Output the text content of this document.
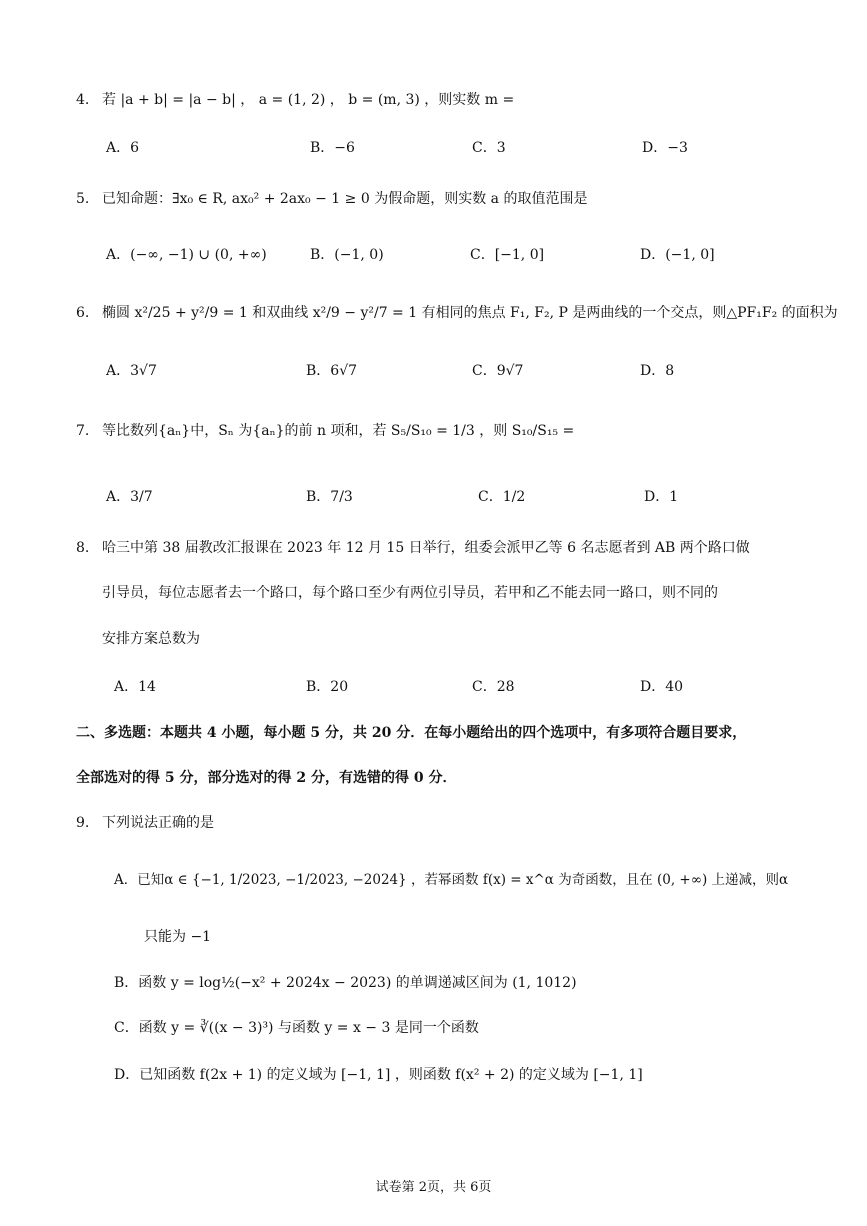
4. 若 |a + b| = |a − b| ， a = (1, 2) ， b = (m, 3) ，则实数 m =
A．6	B．−6	C．3	D．−3
5. 已知命题：∃x₀ ∈ R, ax₀² + 2ax₀ − 1 ≥ 0 为假命题，则实数 a 的取值范围是
A．(−∞, −1) ∪ (0, +∞)	B．(−1, 0)	C．[−1, 0]	D．(−1, 0]
6. 椭圆 x²/25 + y²/9 = 1 和双曲线 x²/9 − y²/7 = 1 有相同的焦点 F₁, F₂, P 是两曲线的一个交点，则△PF₁F₂ 的面积为
A．3√7	B．6√7	C．9√7	D．8
7. 等比数列{aₙ}中，Sₙ 为{aₙ}的前 n 项和，若 S₅/S₁₀ = 1/3 ，则 S₁₀/S₁₅ =
A．3/7	B．7/3	C．1/2	D．1
8. 哈三中第 38 届教改汇报课在 2023 年 12 月 15 日举行，组委会派甲乙等 6 名志愿者到 AB 两个路口做
引导员，每位志愿者去一个路口，每个路口至少有两位引导员，若甲和乙不能去同一路口，则不同的
安排方案总数为
A．14	B．20	C．28	D．40
二、多选题：本题共 4 小题，每小题 5 分，共 20 分．在每小题给出的四个选项中，有多项符合题目要求，
全部选对的得 5 分，部分选对的得 2 分，有选错的得 0 分．
9. 下列说法正确的是
A．已知α ∈ {−1, 1/2023, −1/2023, −2024} ，若幂函数 f(x) = x^α 为奇函数，且在 (0, +∞) 上递减，则α
只能为 −1
B．函数 y = log½(−x² + 2024x − 2023) 的单调递减区间为 (1, 1012)
C．函数 y = ∛((x − 3)³) 与函数 y = x − 3 是同一个函数
D．已知函数 f(2x + 1) 的定义域为 [−1, 1] ，则函数 f(x² + 2) 的定义域为 [−1, 1]
试卷第 2页，共 6页
